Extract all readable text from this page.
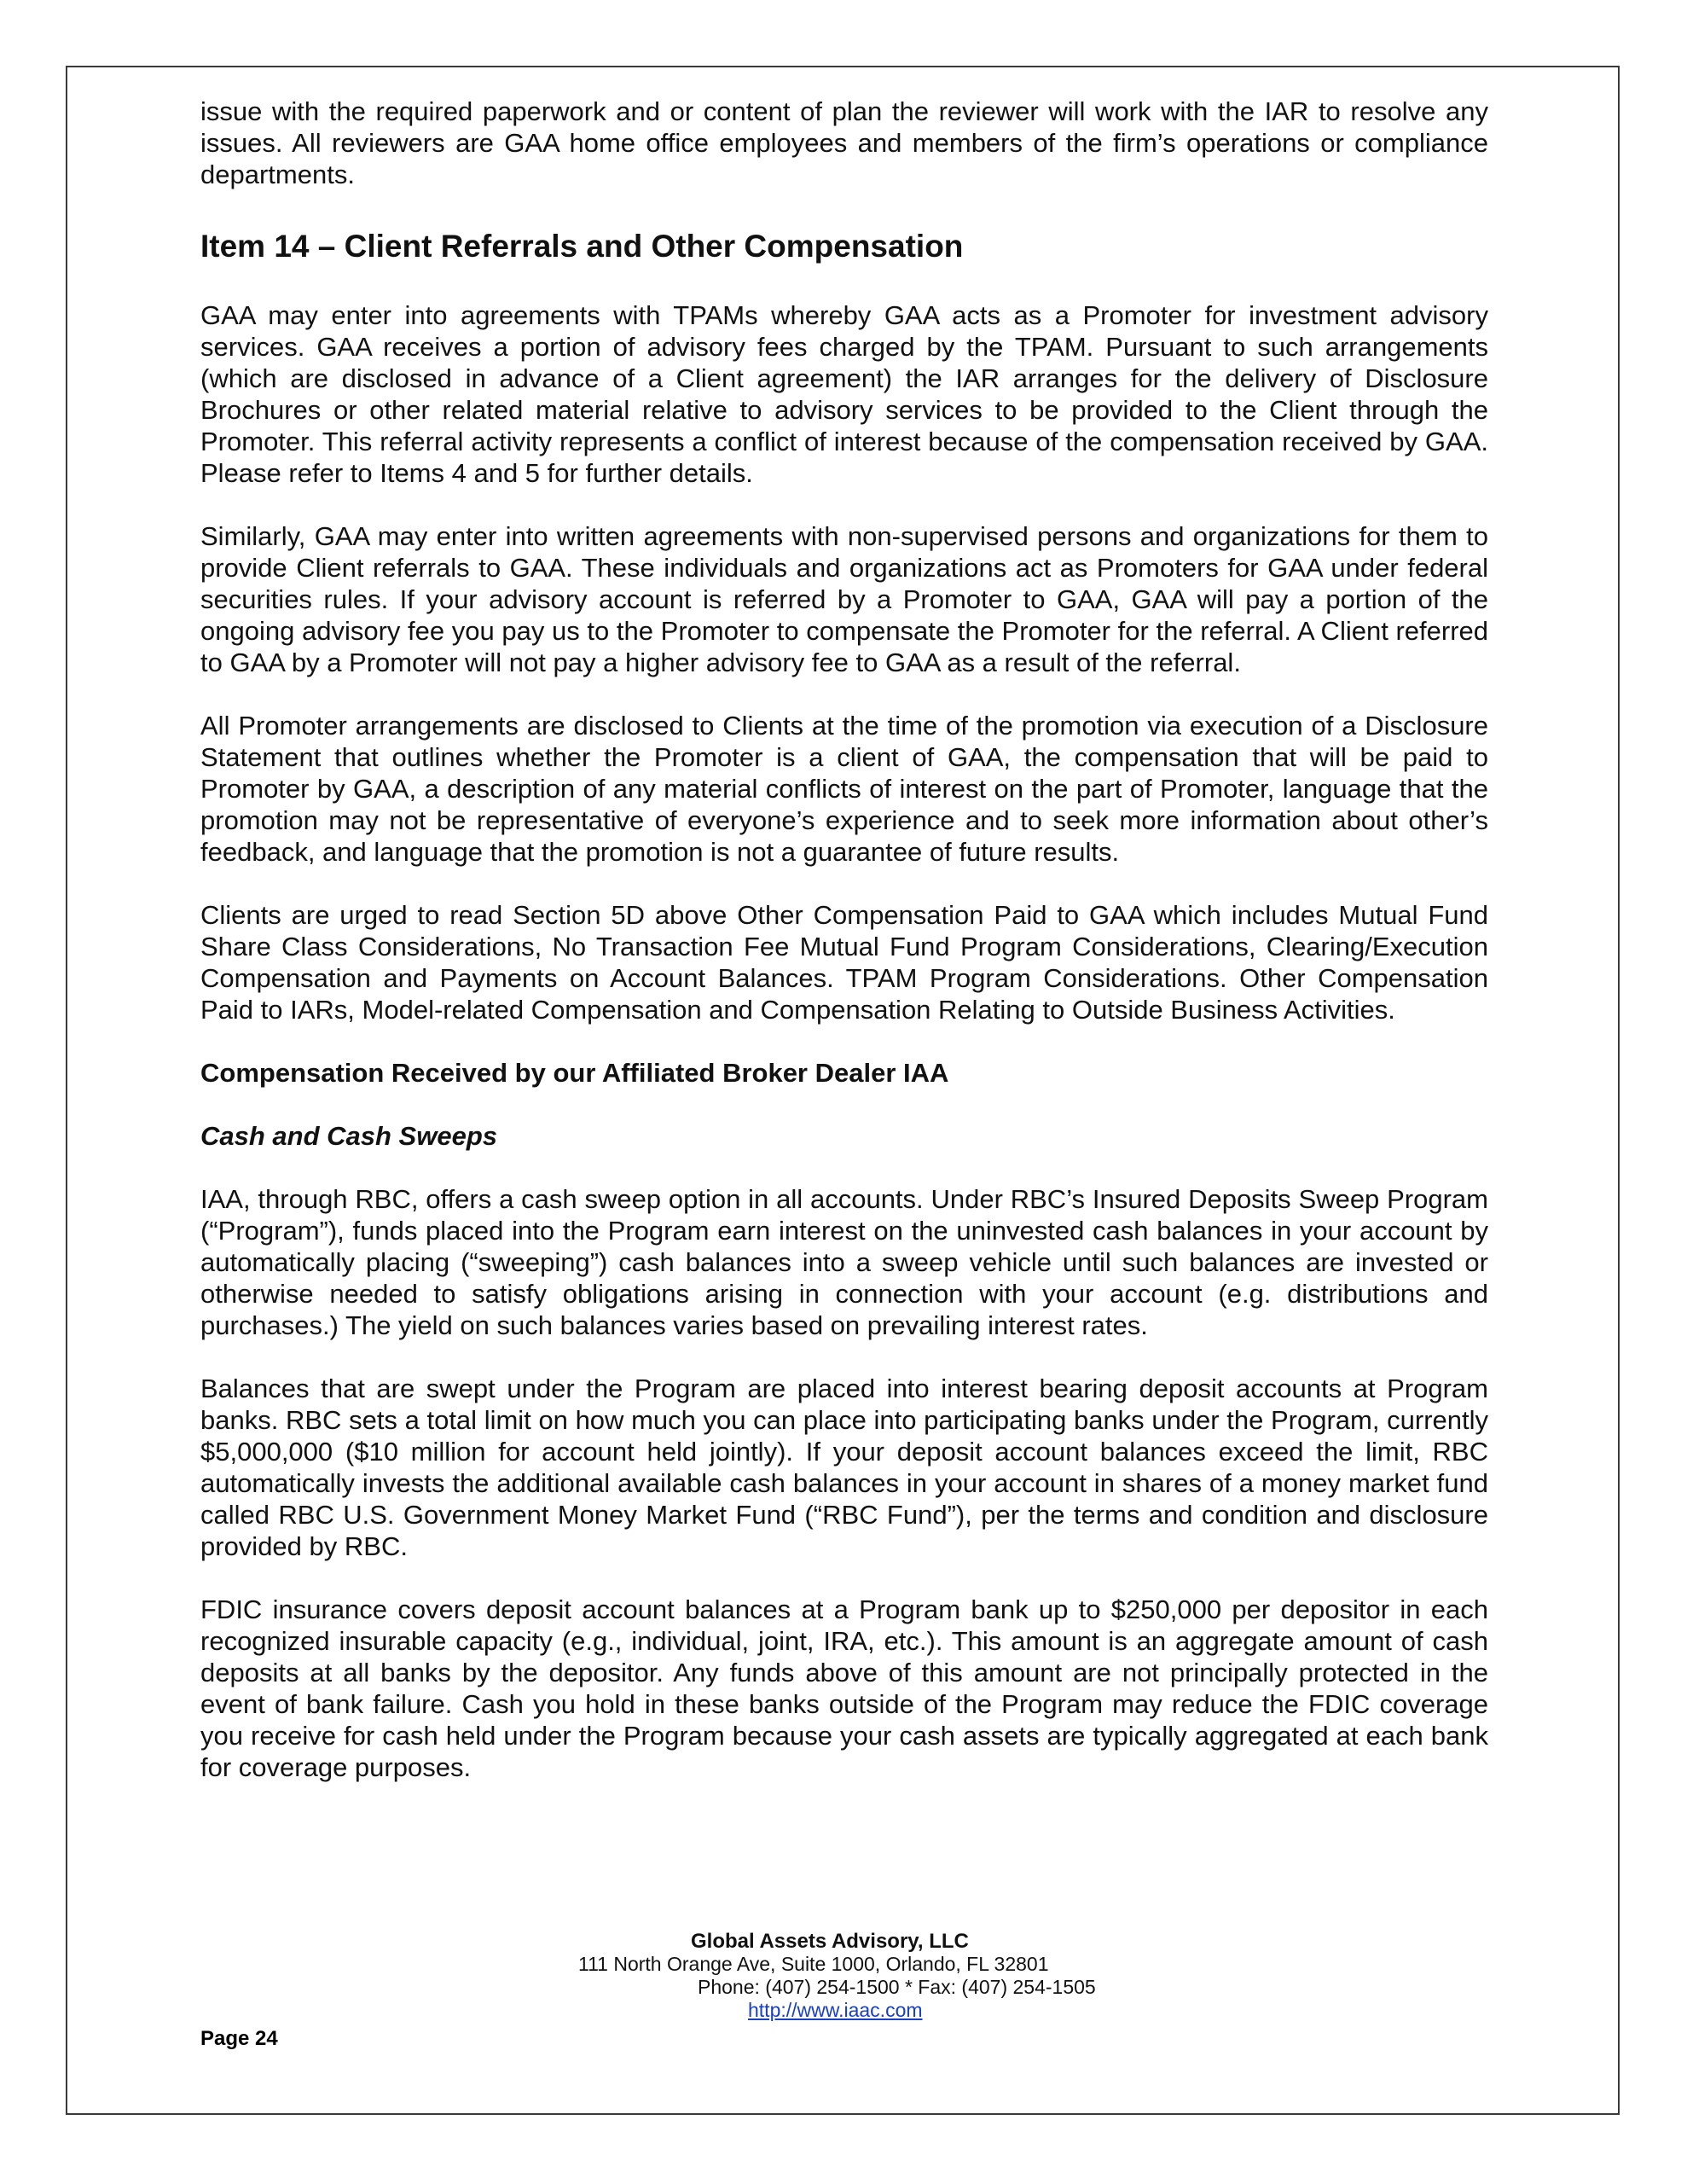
issue with the required paperwork and or content of plan the reviewer will work with the IAR to resolve any issues. All reviewers are GAA home office employees and members of the firm’s operations or compliance departments.

Item 14 – Client Referrals and Other Compensation

GAA may enter into agreements with TPAMs whereby GAA acts as a Promoter for investment advisory services. GAA receives a portion of advisory fees charged by the TPAM. Pursuant to such arrangements (which are disclosed in advance of a Client agreement) the IAR arranges for the delivery of Disclosure Brochures or other related material relative to advisory services to be provided to the Client through the Promoter. This referral activity represents a conflict of interest because of the compensation received by GAA. Please refer to Items 4 and 5 for further details.

Similarly, GAA may enter into written agreements with non-supervised persons and organizations for them to provide Client referrals to GAA. These individuals and organizations act as Promoters for GAA under federal securities rules. If your advisory account is referred by a Promoter to GAA, GAA will pay a portion of the ongoing advisory fee you pay us to the Promoter to compensate the Promoter for the referral. A Client referred to GAA by a Promoter will not pay a higher advisory fee to GAA as a result of the referral.

All Promoter arrangements are disclosed to Clients at the time of the promotion via execution of a Disclosure Statement that outlines whether the Promoter is a client of GAA, the compensation that will be paid to Promoter by GAA, a description of any material conflicts of interest on the part of Promoter, language that the promotion may not be representative of everyone’s experience and to seek more information about other’s feedback, and language that the promotion is not a guarantee of future results.

Clients are urged to read Section 5D above Other Compensation Paid to GAA which includes Mutual Fund Share Class Considerations, No Transaction Fee Mutual Fund Program Considerations, Clearing/Execution Compensation and Payments on Account Balances. TPAM Program Considerations. Other Compensation Paid to IARs, Model-related Compensation and Compensation Relating to Outside Business Activities.

Compensation Received by our Affiliated Broker Dealer IAA

Cash and Cash Sweeps

IAA, through RBC, offers a cash sweep option in all accounts. Under RBC’s Insured Deposits Sweep Program (“Program”), funds placed into the Program earn interest on the uninvested cash balances in your account by automatically placing (“sweeping”) cash balances into a sweep vehicle until such balances are invested or otherwise needed to satisfy obligations arising in connection with your account (e.g. distributions and purchases.) The yield on such balances varies based on prevailing interest rates.

Balances that are swept under the Program are placed into interest bearing deposit accounts at Program banks. RBC sets a total limit on how much you can place into participating banks under the Program, currently $5,000,000 ($10 million for account held jointly). If your deposit account balances exceed the limit, RBC automatically invests the additional available cash balances in your account in shares of a money market fund called RBC U.S. Government Money Market Fund (“RBC Fund”), per the terms and condition and disclosure provided by RBC.

FDIC insurance covers deposit account balances at a Program bank up to $250,000 per depositor in each recognized insurable capacity (e.g., individual, joint, IRA, etc.). This amount is an aggregate amount of cash deposits at all banks by the depositor. Any funds above of this amount are not principally protected in the event of bank failure. Cash you hold in these banks outside of the Program may reduce the FDIC coverage you receive for cash held under the Program because your cash assets are typically aggregated at each bank for coverage purposes.

Global Assets Advisory, LLC
111 North Orange Ave, Suite 1000, Orlando, FL 32801
Phone: (407) 254-1500 * Fax: (407) 254-1505
http://www.iaac.com
Page 24
